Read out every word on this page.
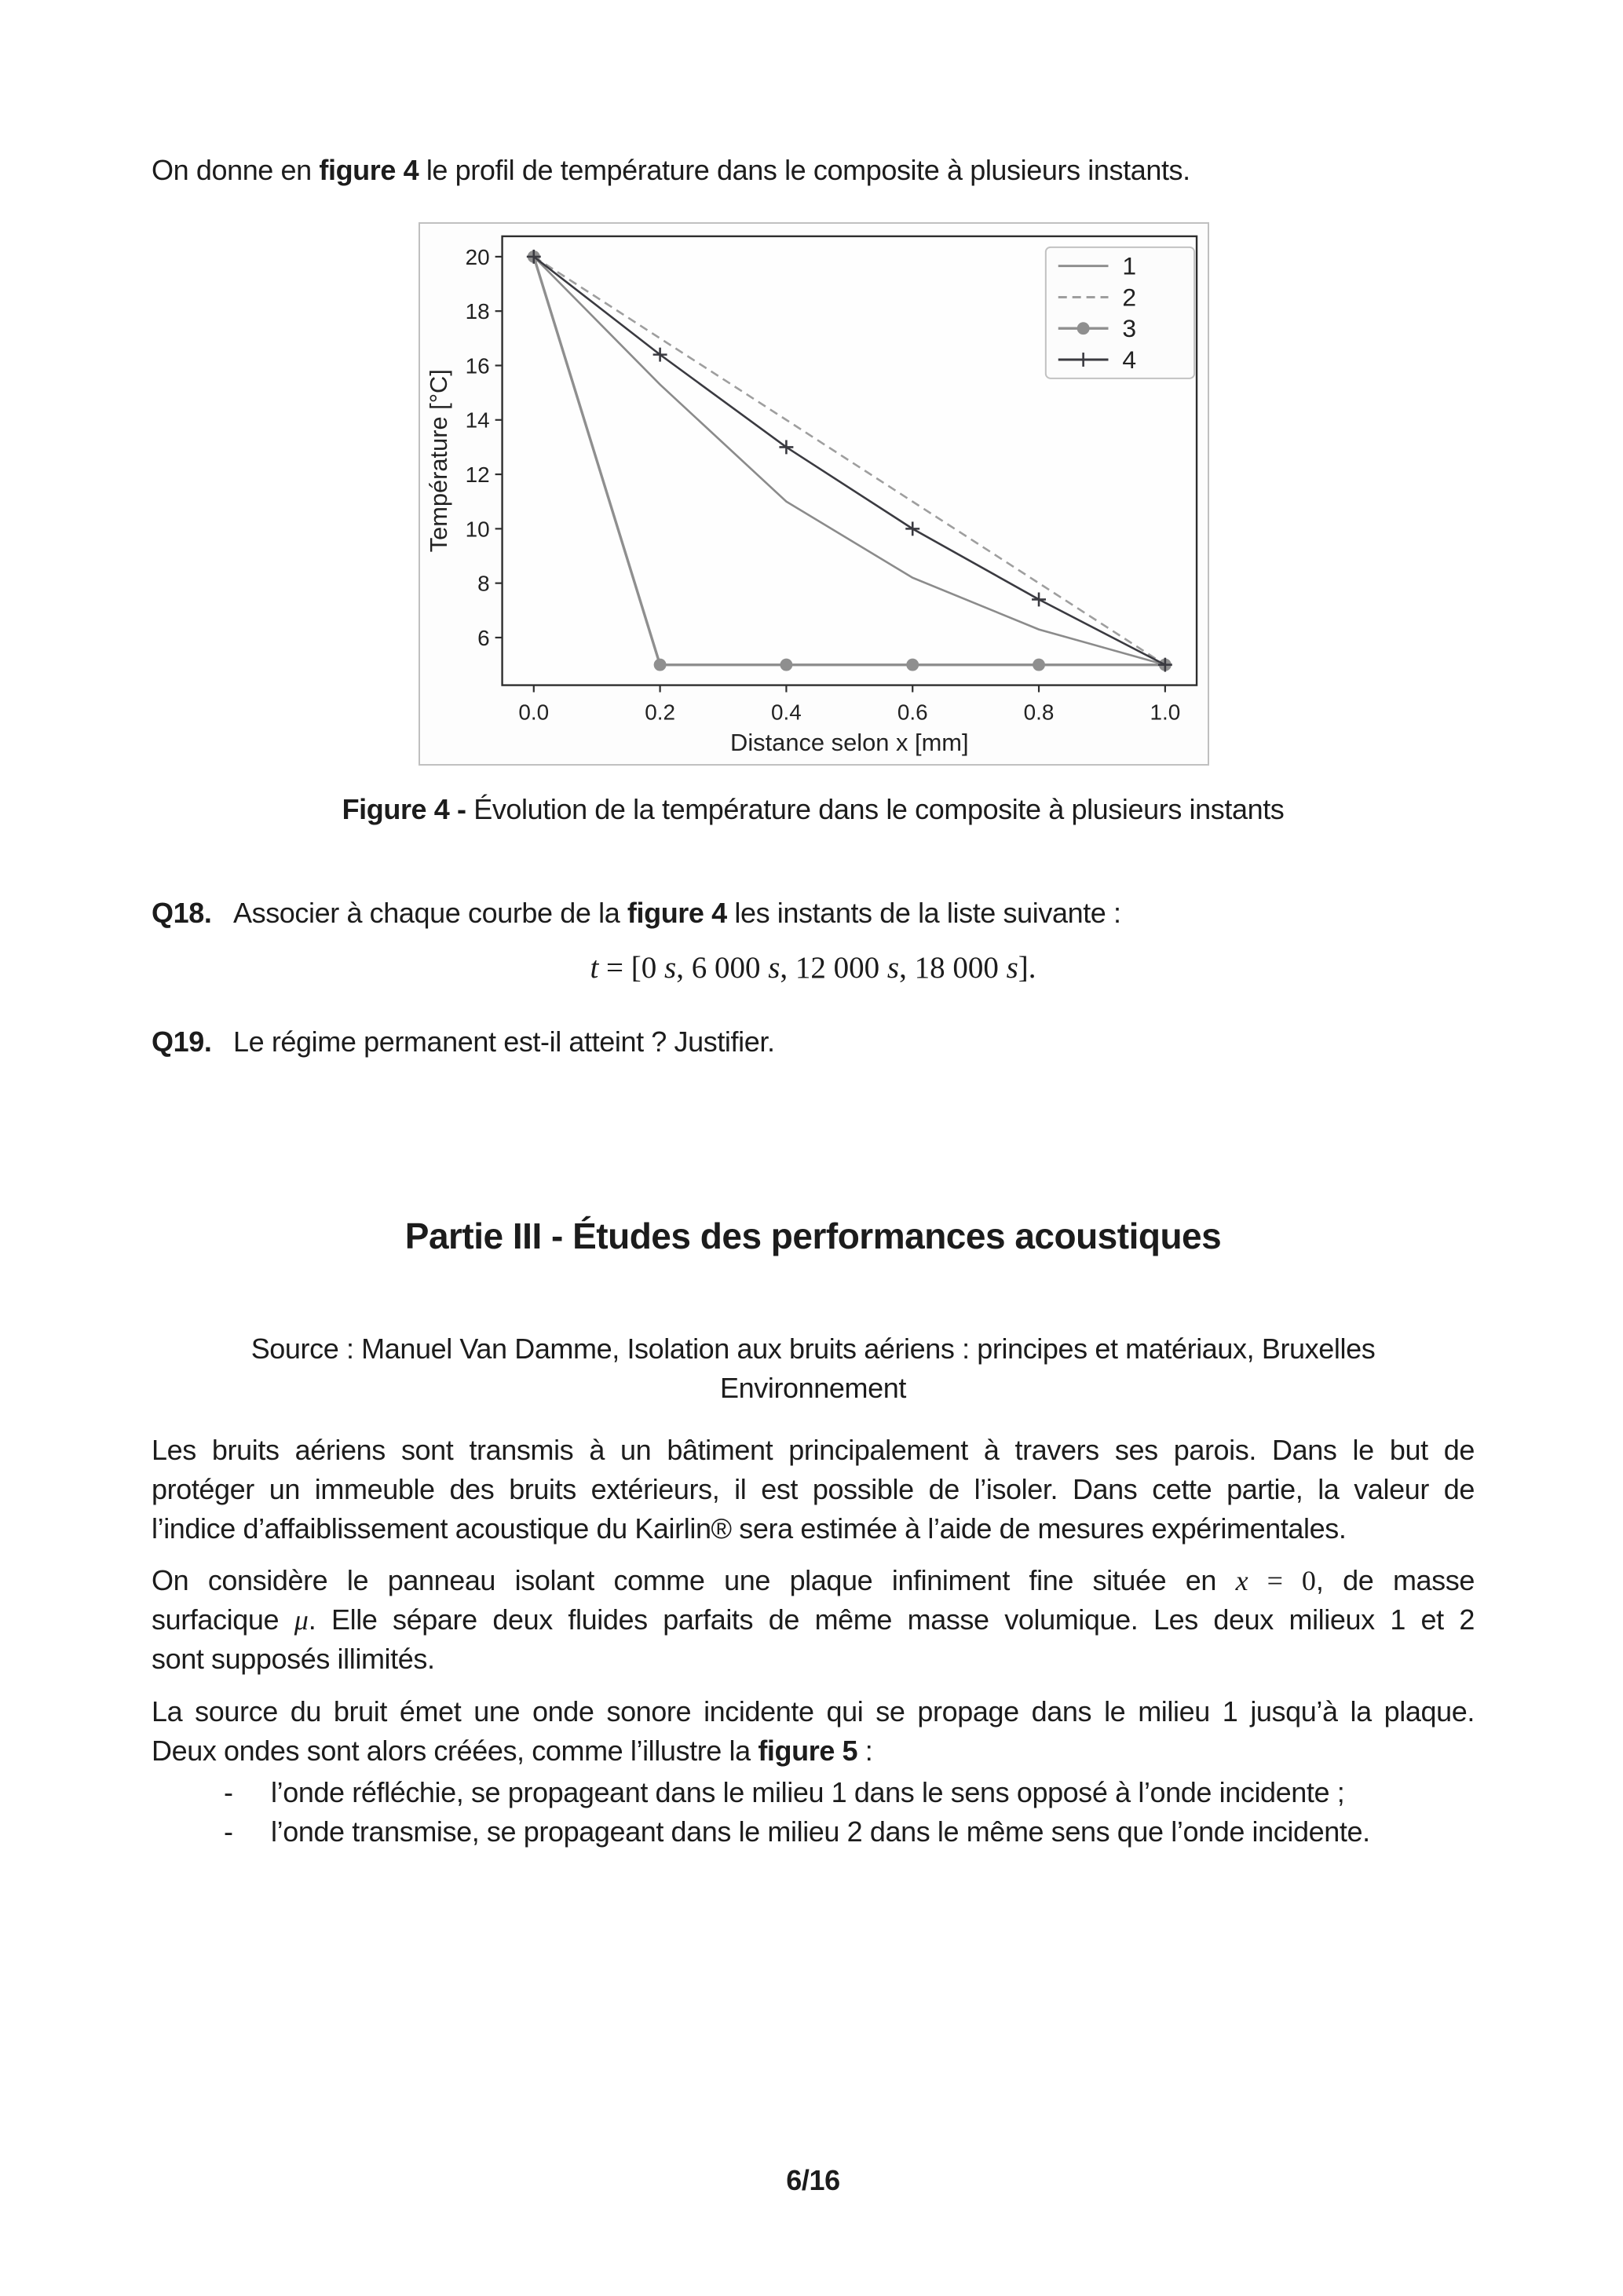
On donne en figure 4 le profil de température dans le composite à plusieurs instants.
0.0	0.2	0.4	0.6	0.8	1.0
6
8
10
12
14
16
18
20
Distance selon x [mm]
Température [°C]
1
2
3
4
Figure 4 - Évolution de la température dans le composite à plusieurs instants
Q18. Associer à chaque courbe de la figure 4 les instants de la liste suivante :
t = [0 s, 6 000 s, 12 000 s, 18 000 s].
Q19. Le régime permanent est-il atteint ? Justifier.
Partie III - Études des performances acoustiques
Source : Manuel Van Damme, Isolation aux bruits aériens : principes et matériaux, Bruxelles
Environnement
Les bruits aériens sont transmis à un bâtiment principalement à travers ses parois. Dans le but de
protéger un immeuble des bruits extérieurs, il est possible de l’isoler. Dans cette partie, la valeur de
l’indice d’affaiblissement acoustique du Kairlin® sera estimée à l’aide de mesures expérimentales.
On considère le panneau isolant comme une plaque infiniment fine située en x = 0, de masse
surfacique μ. Elle sépare deux fluides parfaits de même masse volumique. Les deux milieux 1 et 2
sont supposés illimités.
La source du bruit émet une onde sonore incidente qui se propage dans le milieu 1 jusqu’à la plaque.
Deux ondes sont alors créées, comme l’illustre la figure 5 :
- l’onde réfléchie, se propageant dans le milieu 1 dans le sens opposé à l’onde incidente ;
- l’onde transmise, se propageant dans le milieu 2 dans le même sens que l’onde incidente.
6/16
